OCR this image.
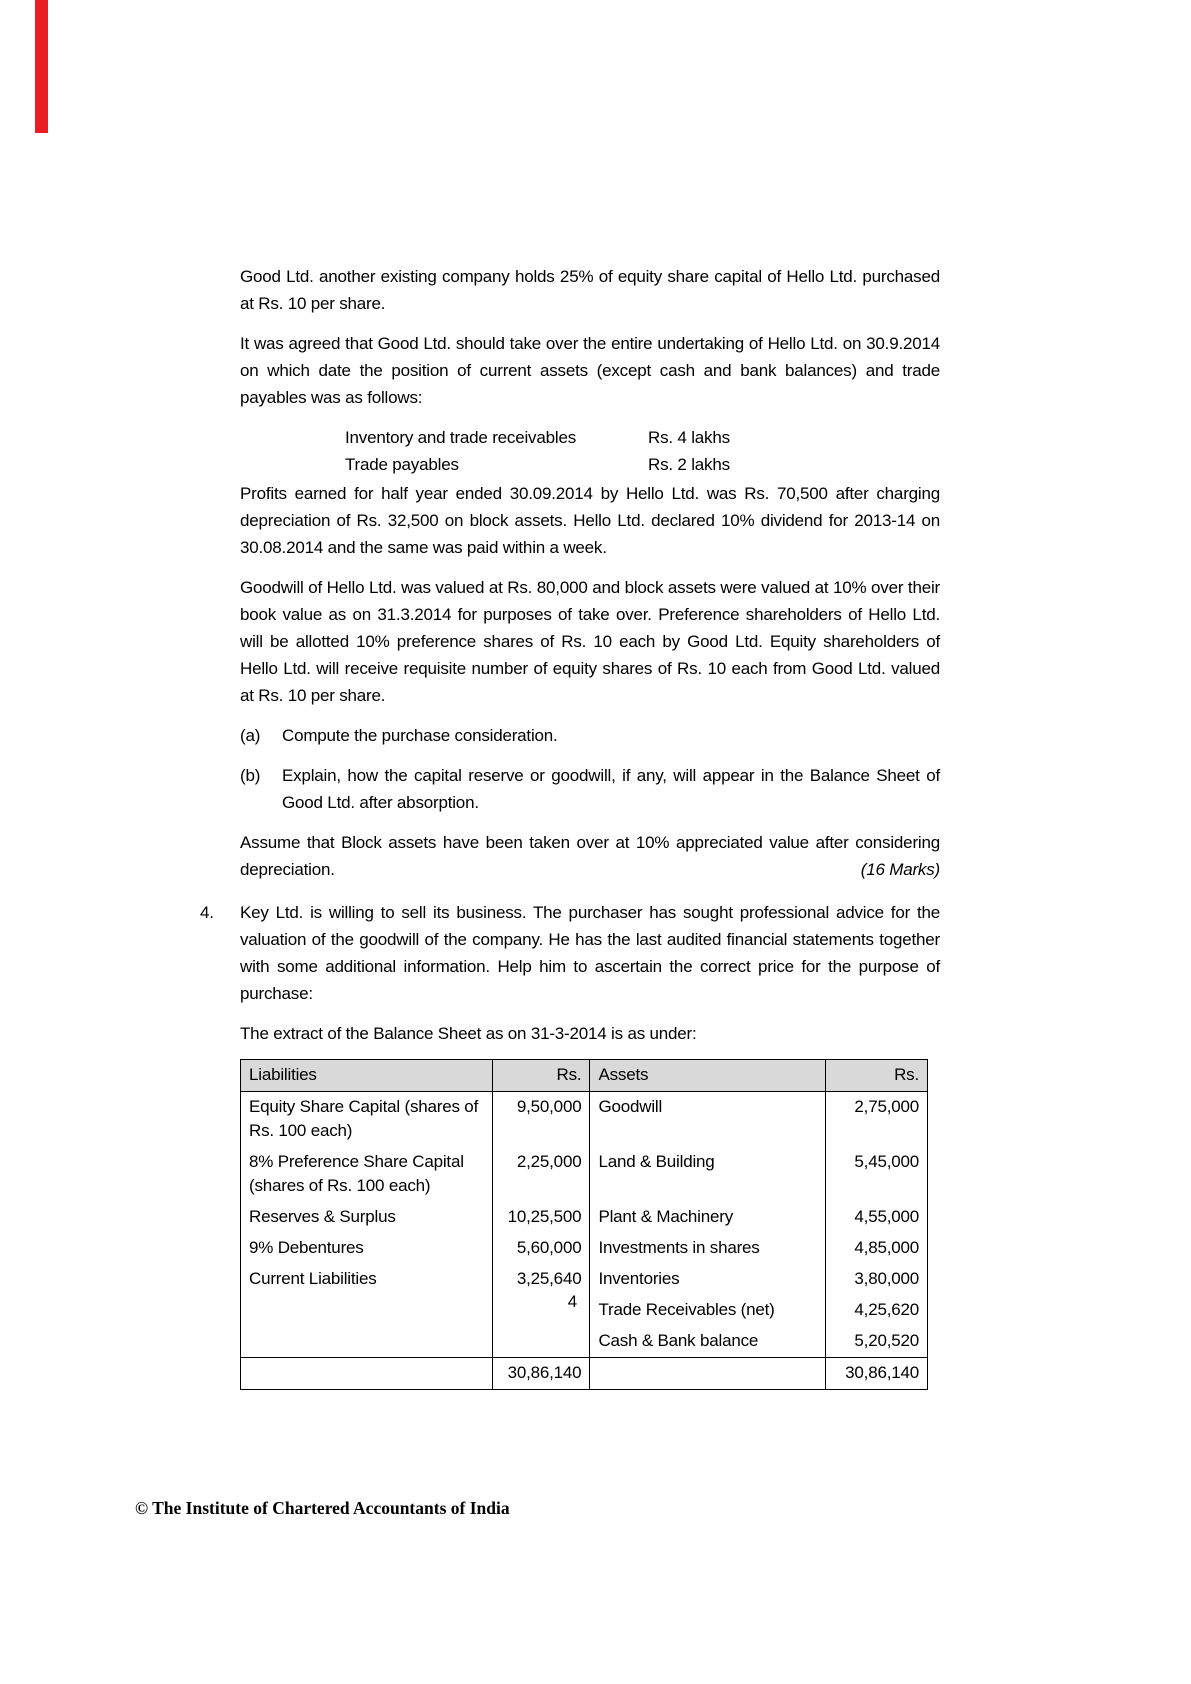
Good Ltd. another existing company holds 25% of equity share capital of Hello Ltd. purchased at Rs. 10 per share.

It was agreed that Good Ltd. should take over the entire undertaking of Hello Ltd. on 30.9.2014 on which date the position of current assets (except cash and bank balances) and trade payables was as follows:

Inventory and trade receivables	Rs. 4 lakhs
Trade payables	Rs. 2 lakhs

Profits earned for half year ended 30.09.2014 by Hello Ltd. was Rs. 70,500 after charging depreciation of Rs. 32,500 on block assets. Hello Ltd. declared 10% dividend for 2013-14 on 30.08.2014 and the same was paid within a week.

Goodwill of Hello Ltd. was valued at Rs. 80,000 and block assets were valued at 10% over their book value as on 31.3.2014 for purposes of take over. Preference shareholders of Hello Ltd. will be allotted 10% preference shares of Rs. 10 each by Good Ltd. Equity shareholders of Hello Ltd. will receive requisite number of equity shares of Rs. 10 each from Good Ltd. valued at Rs. 10 per share.

(a)	Compute the purchase consideration.
(b)	Explain, how the capital reserve or goodwill, if any, will appear in the Balance Sheet of Good Ltd. after absorption.
Assume that Block assets have been taken over at 10% appreciated value after considering depreciation.	(16 Marks)
4.	Key Ltd. is willing to sell its business. The purchaser has sought professional advice for the valuation of the goodwill of the company. He has the last audited financial statements together with some additional information. Help him to ascertain the correct price for the purpose of purchase:

The extract of the Balance Sheet as on 31-3-2014 is as under:

Liabilities	Rs.	Assets	Rs.
Equity Share Capital (shares of Rs. 100 each)	9,50,000	Goodwill	2,75,000
8% Preference Share Capital (shares of Rs. 100 each)	2,25,000	Land & Building	5,45,000
Reserves & Surplus	10,25,500	Plant & Machinery	4,55,000
9% Debentures	5,60,000	Investments in shares	4,85,000
Current Liabilities	3,25,640	Inventories	3,80,000
		Trade Receivables (net)	4,25,620
		Cash & Bank balance	5,20,520
	30,86,140		30,86,140
4
© The Institute of Chartered Accountants of India
